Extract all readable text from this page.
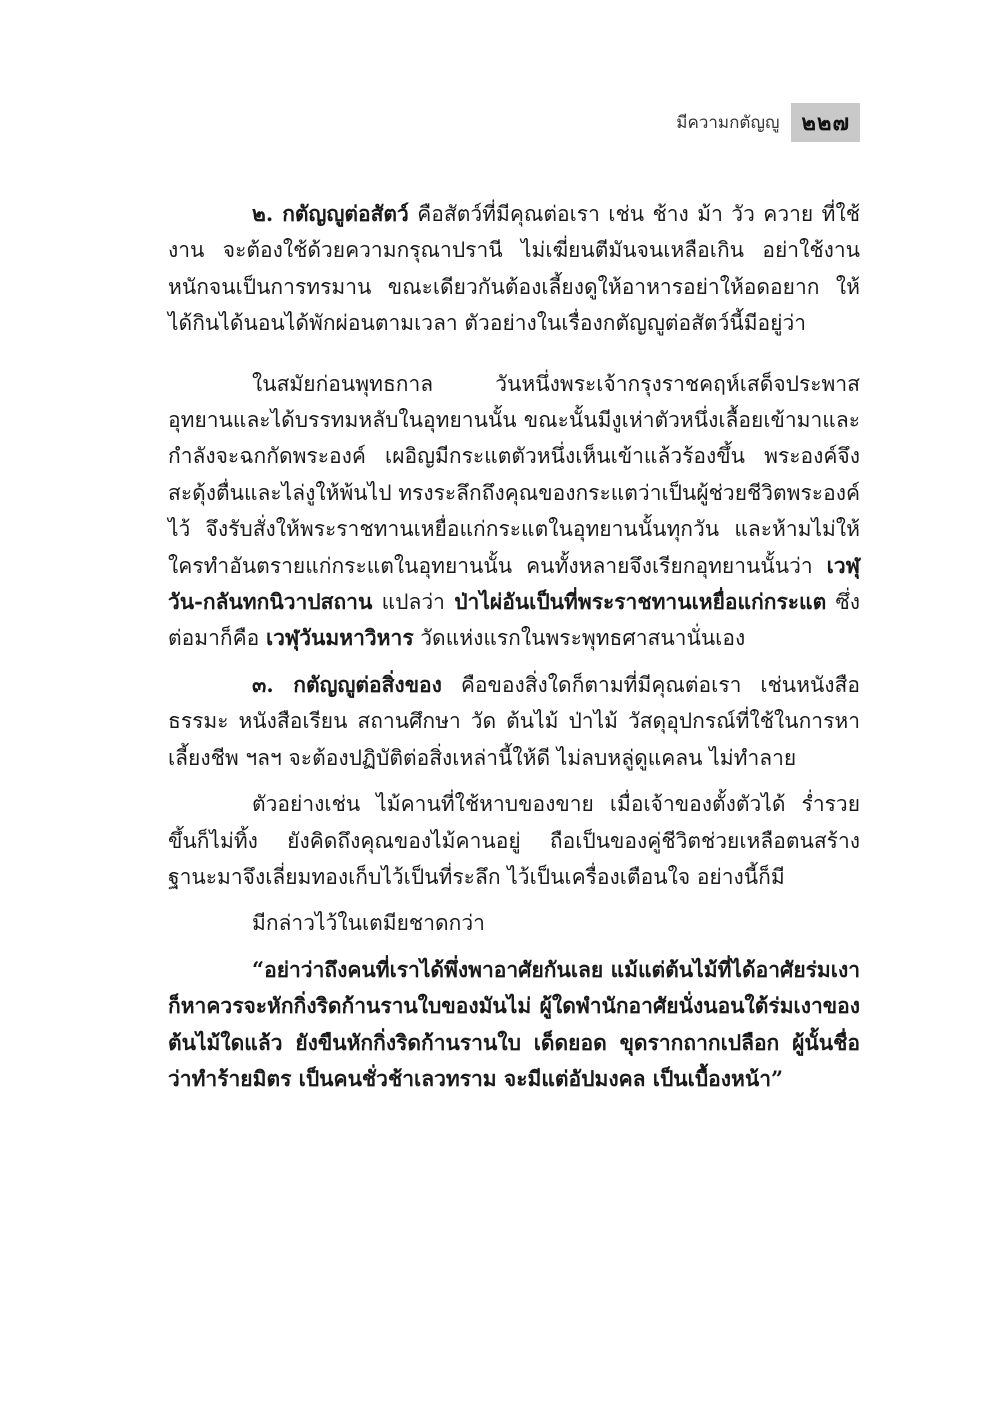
มีความกตัญญู	๒๒๗

๒. กตัญญูต่อสัตว์ คือสัตว์ที่มีคุณต่อเรา เช่น ช้าง ม้า วัว ควาย ที่ใช้งาน จะต้องใช้ด้วยความกรุณาปรานี ไม่เฆี่ยนตีมันจนเหลือเกิน อย่าใช้งานหนักจนเป็นการทรมาน ขณะเดียวกันต้องเลี้ยงดูให้อาหารอย่าให้อดอยาก ให้ได้กินได้นอนได้พักผ่อนตามเวลา ตัวอย่างในเรื่องกตัญญูต่อสัตว์นี้มีอยู่ว่า

ในสมัยก่อนพุทธกาล วันหนึ่งพระเจ้ากรุงราชคฤห์เสด็จประพาสอุทยานและได้บรรทมหลับในอุทยานนั้น ขณะนั้นมีงูเห่าตัวหนึ่งเลื้อยเข้ามาและกำลังจะฉกกัดพระองค์ เผอิญมีกระแตตัวหนึ่งเห็นเข้าแล้วร้องขึ้น พระองค์จึงสะดุ้งตื่นและไล่งูให้พ้นไป ทรงระลึกถึงคุณของกระแตว่าเป็นผู้ช่วยชีวิตพระองค์ไว้ จึงรับสั่งให้พระราชทานเหยื่อแก่กระแตในอุทยานนั้นทุกวัน และห้ามไม่ให้ใครทำอันตรายแก่กระแตในอุทยานนั้น คนทั้งหลายจึงเรียกอุทยานนั้นว่า เวฬุวัน-กลันทกนิวาปสถาน แปลว่า ป่าไผ่อันเป็นที่พระราชทานเหยื่อแก่กระแต ซึ่งต่อมาก็คือ เวฬุวันมหาวิหาร วัดแห่งแรกในพระพุทธศาสนานั่นเอง

๓. กตัญญูต่อสิ่งของ คือของสิ่งใดก็ตามที่มีคุณต่อเรา เช่นหนังสือธรรมะ หนังสือเรียน สถานศึกษา วัด ต้นไม้ ป่าไม้ วัสดุอุปกรณ์ที่ใช้ในการหาเลี้ยงชีพ ฯลฯ จะต้องปฏิบัติต่อสิ่งเหล่านี้ให้ดี ไม่ลบหลู่ดูแคลน ไม่ทำลาย

ตัวอย่างเช่น ไม้คานที่ใช้หาบของขาย เมื่อเจ้าของตั้งตัวได้ ร่ำรวย ขึ้นก็ไม่ทิ้ง ยังคิดถึงคุณของไม้คานอยู่ ถือเป็นของคู่ชีวิตช่วยเหลือตนสร้าง ฐานะมาจึงเลี่ยมทองเก็บไว้เป็นที่ระลึก ไว้เป็นเครื่องเตือนใจ อย่างนี้ก็มี

มีกล่าวไว้ในเตมียชาดกว่า

“อย่าว่าถึงคนที่เราได้พึ่งพาอาศัยกันเลย แม้แต่ต้นไม้ที่ได้อาศัยร่มเงาก็หาควรจะหักกิ่งริดก้านรานใบของมันไม่ ผู้ใดพำนักอาศัยนั่งนอนใต้ร่มเงาของต้นไม้ใดแล้ว ยังขืนหักกิ่งริดก้านรานใบ เด็ดยอด ขุดรากถากเปลือก ผู้นั้นชื่อว่าทำร้ายมิตร เป็นคนชั่วช้าเลวทราม จะมีแต่อัปมงคล เป็นเบื้องหน้า”
